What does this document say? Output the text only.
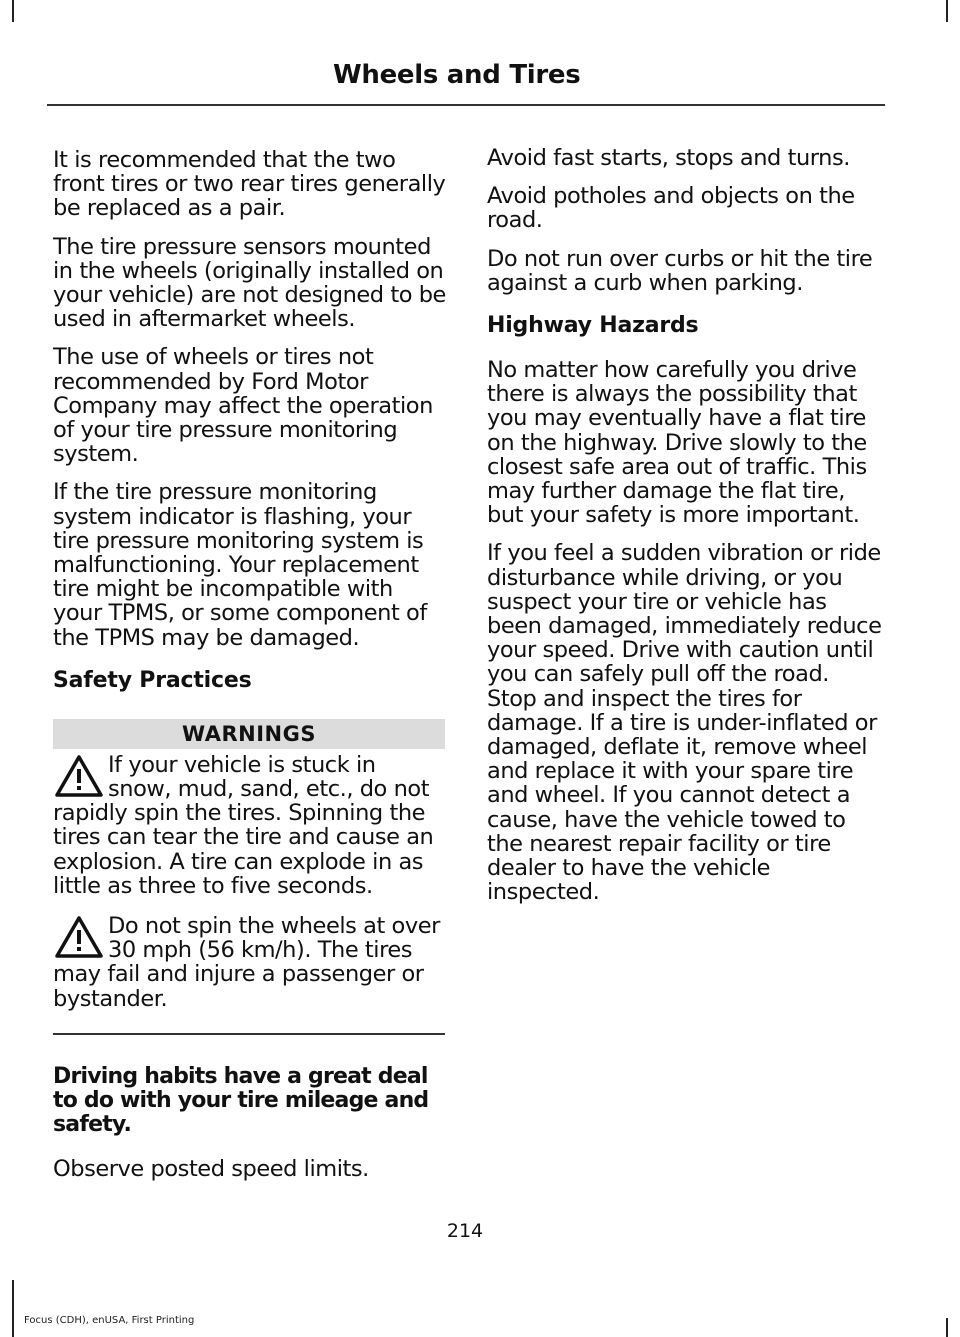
Wheels and Tires

It is recommended that the two front tires or two rear tires generally be replaced as a pair.

The tire pressure sensors mounted in the wheels (originally installed on your vehicle) are not designed to be used in aftermarket wheels.

The use of wheels or tires not recommended by Ford Motor Company may affect the operation of your tire pressure monitoring system.

If the tire pressure monitoring system indicator is flashing, your tire pressure monitoring system is malfunctioning. Your replacement tire might be incompatible with your TPMS, or some component of the TPMS may be damaged.

Safety Practices
WARNINGS
If your vehicle is stuck in snow, mud, sand, etc., do not rapidly spin the tires. Spinning the tires can tear the tire and cause an explosion. A tire can explode in as little as three to five seconds.
Do not spin the wheels at over 30 mph (56 km/h). The tires may fail and injure a passenger or bystander.
Driving habits have a great deal to do with your tire mileage and safety.

Observe posted speed limits.

Avoid fast starts, stops and turns.

Avoid potholes and objects on the road.

Do not run over curbs or hit the tire against a curb when parking.

Highway Hazards

No matter how carefully you drive there is always the possibility that you may eventually have a flat tire on the highway. Drive slowly to the closest safe area out of traffic. This may further damage the flat tire, but your safety is more important.

If you feel a sudden vibration or ride disturbance while driving, or you suspect your tire or vehicle has been damaged, immediately reduce your speed. Drive with caution until you can safely pull off the road. Stop and inspect the tires for damage. If a tire is under-inflated or damaged, deflate it, remove wheel and replace it with your spare tire and wheel. If you cannot detect a cause, have the vehicle towed to the nearest repair facility or tire dealer to have the vehicle inspected.

214
Focus (CDH), enUSA, First Printing
